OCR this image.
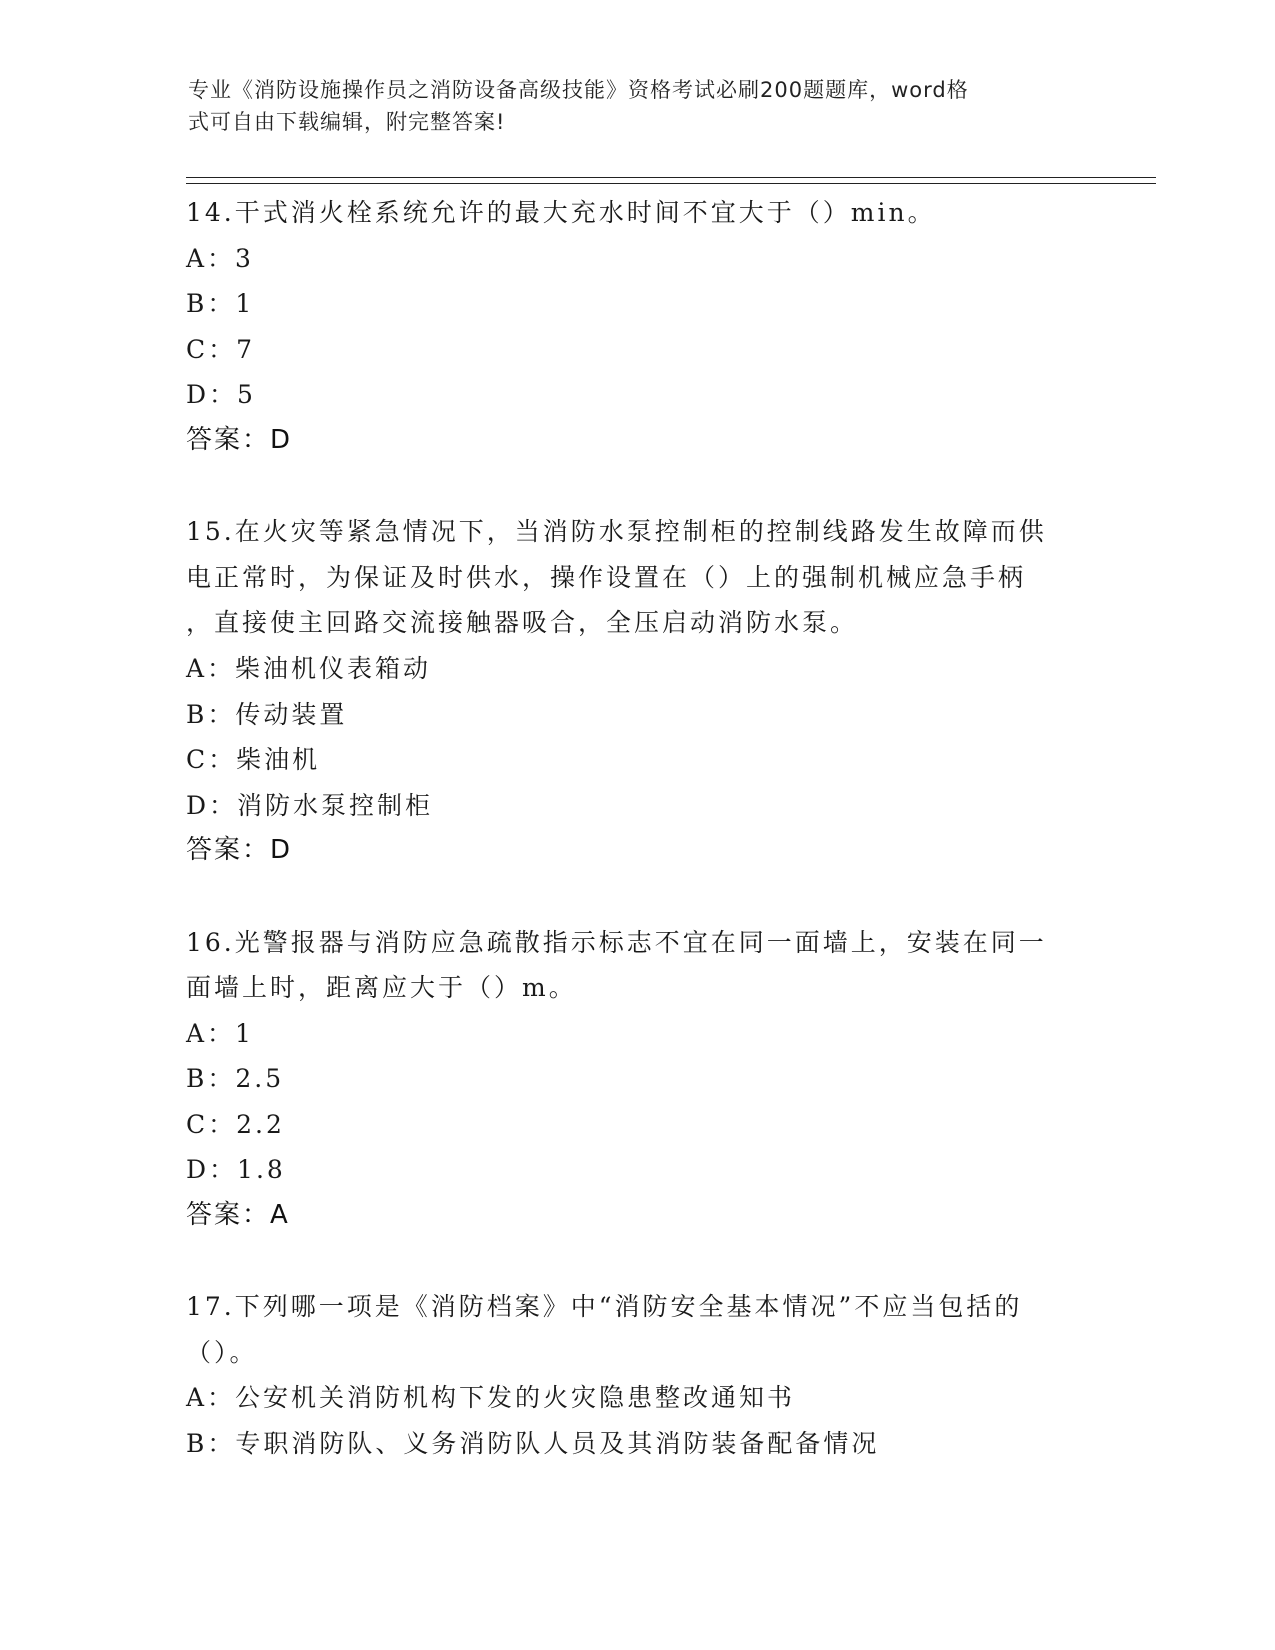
专业《消防设施操作员之消防设备高级技能》资格考试必刷200题题库，word格
式可自由下载编辑，附完整答案!
14.干式消火栓系统允许的最大充水时间不宜大于（）min。
A：3
B：1
C：7
D：5
答案：D
15.在火灾等紧急情况下，当消防水泵控制柜的控制线路发生故障而供
电正常时，为保证及时供水，操作设置在（）上的强制机械应急手柄
，直接使主回路交流接触器吸合，全压启动消防水泵。
A：柴油机仪表箱动
B：传动装置
C：柴油机
D：消防水泵控制柜
答案：D
16.光警报器与消防应急疏散指示标志不宜在同一面墙上，安装在同一
面墙上时，距离应大于（）m。
A：1
B：2.5
C：2.2
D：1.8
答案：A
17.下列哪一项是《消防档案》中“消防安全基本情况”不应当包括的
（）。
A：公安机关消防机构下发的火灾隐患整改通知书
B：专职消防队、义务消防队人员及其消防装备配备情况
